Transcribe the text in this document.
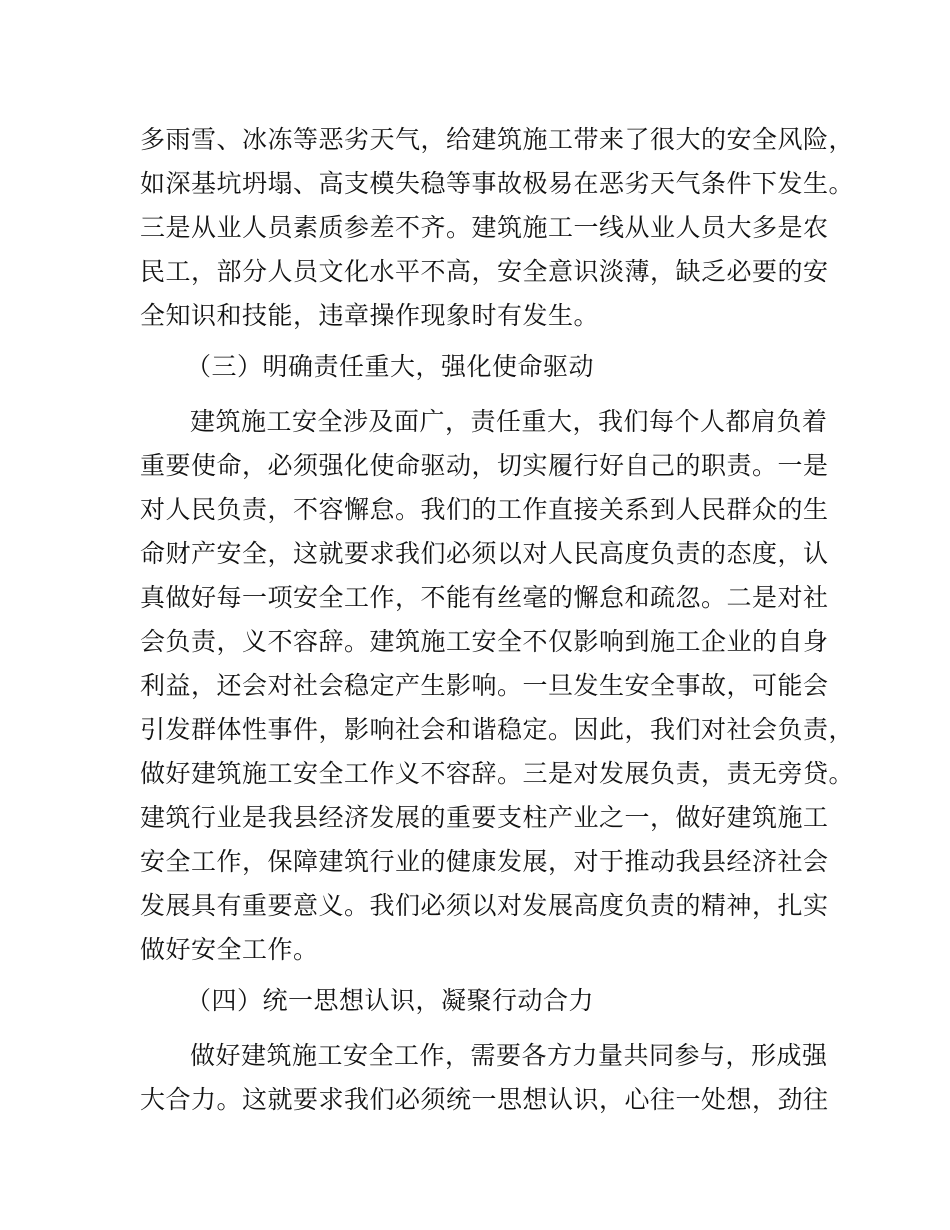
多雨雪、冰冻等恶劣天气，给建筑施工带来了很大的安全风险，
如深基坑坍塌、高支模失稳等事故极易在恶劣天气条件下发生。
三是从业人员素质参差不齐。建筑施工一线从业人员大多是农
民工，部分人员文化水平不高，安全意识淡薄，缺乏必要的安
全知识和技能，违章操作现象时有发生。
（三）明确责任重大，强化使命驱动
建筑施工安全涉及面广，责任重大，我们每个人都肩负着
重要使命，必须强化使命驱动，切实履行好自己的职责。一是
对人民负责，不容懈怠。我们的工作直接关系到人民群众的生
命财产安全，这就要求我们必须以对人民高度负责的态度，认
真做好每一项安全工作，不能有丝毫的懈怠和疏忽。二是对社
会负责，义不容辞。建筑施工安全不仅影响到施工企业的自身
利益，还会对社会稳定产生影响。一旦发生安全事故，可能会
引发群体性事件，影响社会和谐稳定。因此，我们对社会负责，
做好建筑施工安全工作义不容辞。三是对发展负责，责无旁贷。
建筑行业是我县经济发展的重要支柱产业之一，做好建筑施工
安全工作，保障建筑行业的健康发展，对于推动我县经济社会
发展具有重要意义。我们必须以对发展高度负责的精神，扎实
做好安全工作。
（四）统一思想认识，凝聚行动合力
做好建筑施工安全工作，需要各方力量共同参与，形成强
大合力。这就要求我们必须统一思想认识，心往一处想，劲往
